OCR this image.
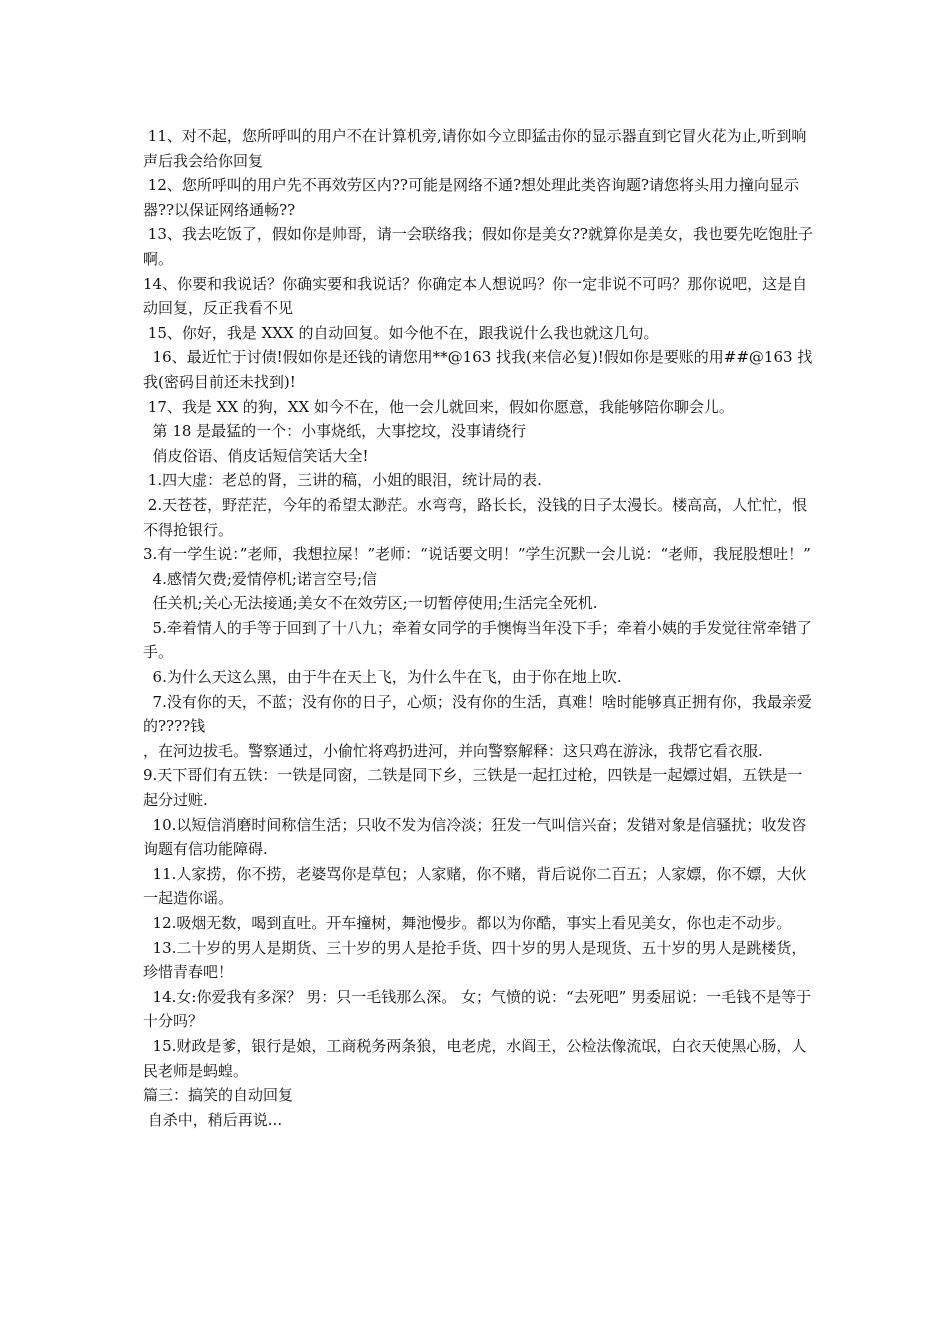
11、对不起，您所呼叫的用户不在计算机旁,请你如今立即猛击你的显示器直到它冒火花为止,听到响声后我会给你回复

12、您所呼叫的用户先不再效劳区内??可能是网络不通?想处理此类咨询题?请您将头用力撞向显示器??以保证网络通畅??

13、我去吃饭了，假如你是帅哥，请一会联络我；假如你是美女??就算你是美女，我也要先吃饱肚子啊。

14、你要和我说话？你确实要和我说话？你确定本人想说吗？你一定非说不可吗？那你说吧，这是自动回复，反正我看不见

15、你好，我是 XXX 的自动回复。如今他不在，跟我说什么我也就这几句。

16、最近忙于讨债!假如你是还钱的请您用**@163 找我(来信必复)!假如你是要账的用##@163 找我(密码目前还未找到)!

17、我是 XX 的狗，XX 如今不在，他一会儿就回来，假如你愿意，我能够陪你聊会儿。

第 18 是最猛的一个：小事烧纸，大事挖坟，没事请绕行

俏皮俗语、俏皮话短信笑话大全!

1.四大虚：老总的肾，三讲的稿，小姐的眼泪，统计局的表.

2.天苍苍，野茫茫，今年的希望太渺茫。水弯弯，路长长，没钱的日子太漫长。楼高高，人忙忙，恨不得抢银行。

3.有一学生说：”老师，我想拉屎！”老师：“说话要文明！”学生沉默一会儿说：“老师，我屁股想吐！”

4.感情欠费;爱情停机;诺言空号;信

任关机;关心无法接通;美女不在效劳区;一切暂停使用;生活完全死机.

5.牵着情人的手等于回到了十八九；牵着女同学的手懊悔当年没下手；牵着小姨的手发觉往常牵错了手。

6.为什么天这么黑，由于牛在天上飞，为什么牛在飞，由于你在地上吹.

7.没有你的天，不蓝；没有你的日子，心烦；没有你的生活，真难！啥时能够真正拥有你，我最亲爱的????钱

，在河边拔毛。警察通过，小偷忙将鸡扔进河，并向警察解释：这只鸡在游泳，我帮它看衣服.

9.天下哥们有五铁：一铁是同窗，二铁是同下乡，三铁是一起扛过枪，四铁是一起嫖过娼，五铁是一起分过赃.

10.以短信消磨时间称信生活；只收不发为信冷淡；狂发一气叫信兴奋；发错对象是信骚扰；收发咨询题有信功能障碍.

11.人家捞，你不捞，老婆骂你是草包；人家赌，你不赌，背后说你二百五；人家嫖，你不嫖，大伙一起造你谣。

12.吸烟无数，喝到直吐。开车撞树，舞池慢步。都以为你酷，事实上看见美女，你也走不动步。

13.二十岁的男人是期货、三十岁的男人是抢手货、四十岁的男人是现货、五十岁的男人是跳楼货，珍惜青春吧！

14.女:你爱我有多深？ 男：只一毛钱那么深。 女；气愤的说：“去死吧” 男委屈说：一毛钱不是等于十分吗？

15.财政是爹，银行是娘，工商税务两条狼，电老虎，水阎王，公检法像流氓，白衣天使黑心肠，人民老师是蚂蝗。

篇三：搞笑的自动回复

自杀中，稍后再说...
